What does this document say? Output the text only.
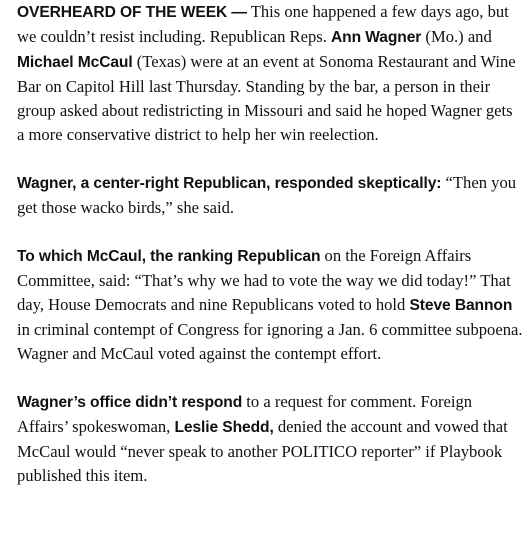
OVERHEARD OF THE WEEK — This one happened a few days ago, but we couldn’t resist including. Republican Reps. Ann Wagner (Mo.) and Michael McCaul (Texas) were at an event at Sonoma Restaurant and Wine Bar on Capitol Hill last Thursday. Standing by the bar, a person in their group asked about redistricting in Missouri and said he hoped Wagner gets a more conservative district to help her win reelection.

Wagner, a center-right Republican, responded skeptically: “Then you get those wacko birds,” she said.

To which McCaul, the ranking Republican on the Foreign Affairs Committee, said: “That’s why we had to vote the way we did today!” That day, House Democrats and nine Republicans voted to hold Steve Bannon in criminal contempt of Congress for ignoring a Jan. 6 committee subpoena. Wagner and McCaul voted against the contempt effort.

Wagner’s office didn’t respond to a request for comment. Foreign Affairs’ spokeswoman, Leslie Shedd, denied the account and vowed that McCaul would “never speak to another POLITICO reporter” if Playbook published this item.
